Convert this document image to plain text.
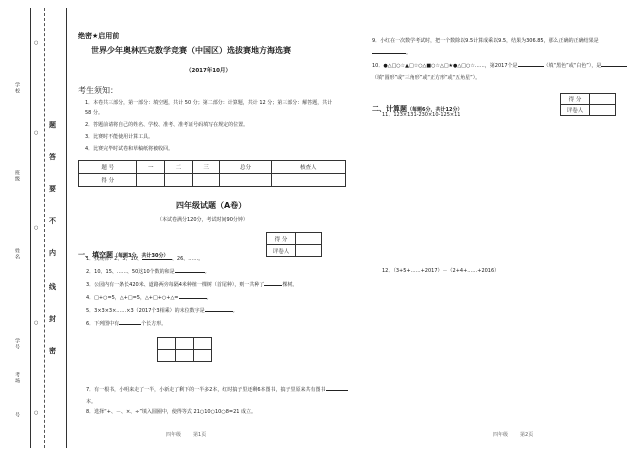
学校
班级
姓名
学号
考场
号
○
○
○
○
○
题
答
要
不
内
线
封
密
绝密★启用前
世界少年奥林匹克数学竞赛（中国区）选拔赛地方海选赛
（2017年10月）
考生须知：
1．本卷共三部分，第一部分：填空题，共计 50 分；第二部分：计算题，共计 12 分；第三部分：解答题，共计 58 分。
2．答题前请将自己的姓名、学校、准考、准考证号码填写在规定的位置。
3．比赛时不能使用计算工具。
4．比赛完毕时试卷和草稿纸将被收回。
题 号	一	二	三	总分	核查人
得 分					
四年级试题（A卷）
（本试卷满分120分，考试时间90分钟）
得 分	
评卷人	
一、填空题（每题3分，共计30分）
1．找规律：2、5、10、	、26、……。
2．10、15、……、50这10个数的和是	。
3．公园内有一条长420米、道路两旁每隔4米种植一棵树（首尾种），则一共种了	棵树。
4．□+○=5，△+□=5，△+□+○+△=	。
5．3×3×3×……×3（2017个3相乘）的末位数字是	。
6．下列图中有	个长方形。

7．有一根书，小明来走了一半，小新走了剩下的一半多2本，红时搞子里还剩6本图书，搞子里原来共有图书本。
8．选择“+、－、×、÷”填入圆圈中，使得等式 21○10○10○8=21 成立。
四年级 第1页
9．小红在一次数学考试时，把一个数除以9.5计算成乘以9.5，结果为306.85，那么正确的正确结果是。
10．●△□○☆▲□☆○△■○☆△□★●△□○☆……，第2017个是	（填“黑色”或“白色”），是（填“圆形”或“三角形”或“正方形”或“五角星”）。
得 分	
评卷人	
二、计算题（每题6分，共计12分）
11．123×131-230×10-125×11
12．（3+5+……+2017）－（2+4+……+2016）
四年级 第2页
